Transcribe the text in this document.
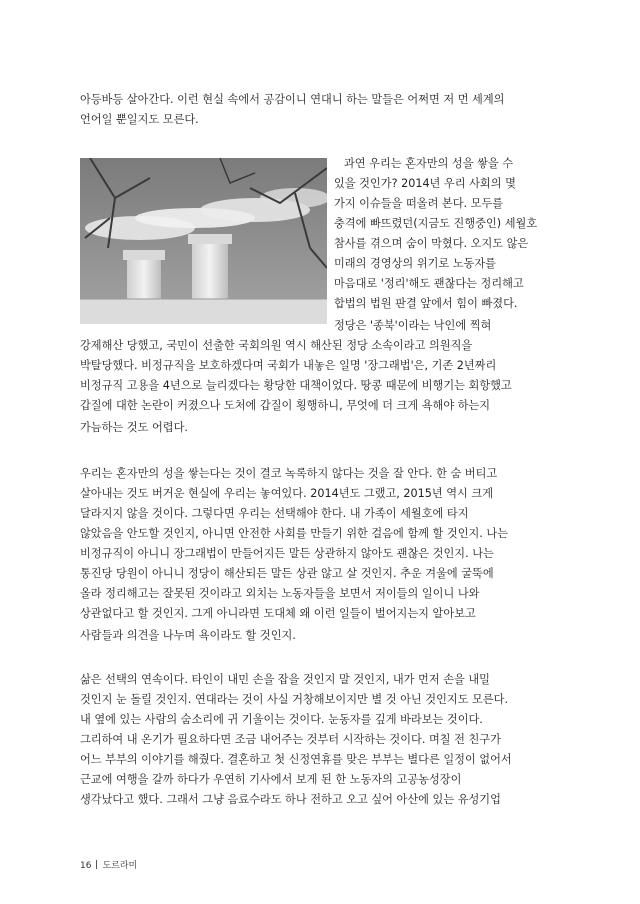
아등바등 살아간다. 이런 현실 속에서 공감이니 연대니 하는 말들은 어쩌면 저 먼 세계의
언어일 뿐일지도 모른다.
과연 우리는 혼자만의 성을 쌓을 수
있을 것인가? 2014년 우리 사회의 몇
가지 이슈들을 떠올려 본다. 모두를
충격에 빠뜨렸던(지금도 진행중인) 세월호
참사를 겪으며 숨이 막혔다. 오지도 않은
미래의 경영상의 위기로 노동자를
마음대로 '정리'해도 괜찮다는 정리해고
합법의 법원 판결 앞에서 힘이 빠졌다.
정당은 '종북'이라는 낙인에 찍혀
강제해산 당했고, 국민이 선출한 국회의원 역시 해산된 정당 소속이라고 의원직을
박탈당했다. 비정규직을 보호하겠다며 국회가 내놓은 일명 '장그래법'은, 기존 2년짜리
비정규직 고용을 4년으로 늘리겠다는 황당한 대책이었다. 땅콩 때문에 비행기는 회항했고
갑질에 대한 논란이 커졌으나 도처에 갑질이 횡행하니, 무엇에 더 크게 욕해야 하는지
가늠하는 것도 어렵다.
우리는 혼자만의 성을 쌓는다는 것이 결코 녹록하지 않다는 것을 잘 안다. 한 숨 버티고
살아내는 것도 버거운 현실에 우리는 놓여있다. 2014년도 그랬고, 2015년 역시 크게
달라지지 않을 것이다. 그렇다면 우리는 선택해야 한다. 내 가족이 세월호에 타지
않았음을 안도할 것인지, 아니면 안전한 사회를 만들기 위한 걸음에 함께 할 것인지. 나는
비정규직이 아니니 장그래법이 만들어지든 말든 상관하지 않아도 괜찮은 것인지. 나는
통진당 당원이 아니니 정당이 해산되든 말든 상관 않고 살 것인지. 추운 겨울에 굴뚝에
올라 정리해고는 잘못된 것이라고 외치는 노동자들을 보면서 저이들의 일이니 나와
상관없다고 할 것인지. 그게 아니라면 도대체 왜 이런 일들이 벌어지는지 알아보고
사람들과 의견을 나누며 욕이라도 할 것인지.
삶은 선택의 연속이다. 타인이 내민 손을 잡을 것인지 말 것인지, 내가 먼저 손을 내밀
것인지 눈 돌릴 것인지. 연대라는 것이 사실 거창해보이지만 별 것 아닌 것인지도 모른다.
내 옆에 있는 사람의 숨소리에 귀 기울이는 것이다. 눈동자를 깊게 바라보는 것이다.
그리하여 내 온기가 필요하다면 조금 내어주는 것부터 시작하는 것이다. 며칠 전 친구가
어느 부부의 이야기를 해줬다. 결혼하고 첫 신정연휴를 맞은 부부는 별다른 일정이 없어서
근교에 여행을 갈까 하다가 우연히 기사에서 보게 된 한 노동자의 고공농성장이
생각났다고 했다. 그래서 그냥 음료수라도 하나 전하고 오고 싶어 아산에 있는 유성기업
16 도르라미
